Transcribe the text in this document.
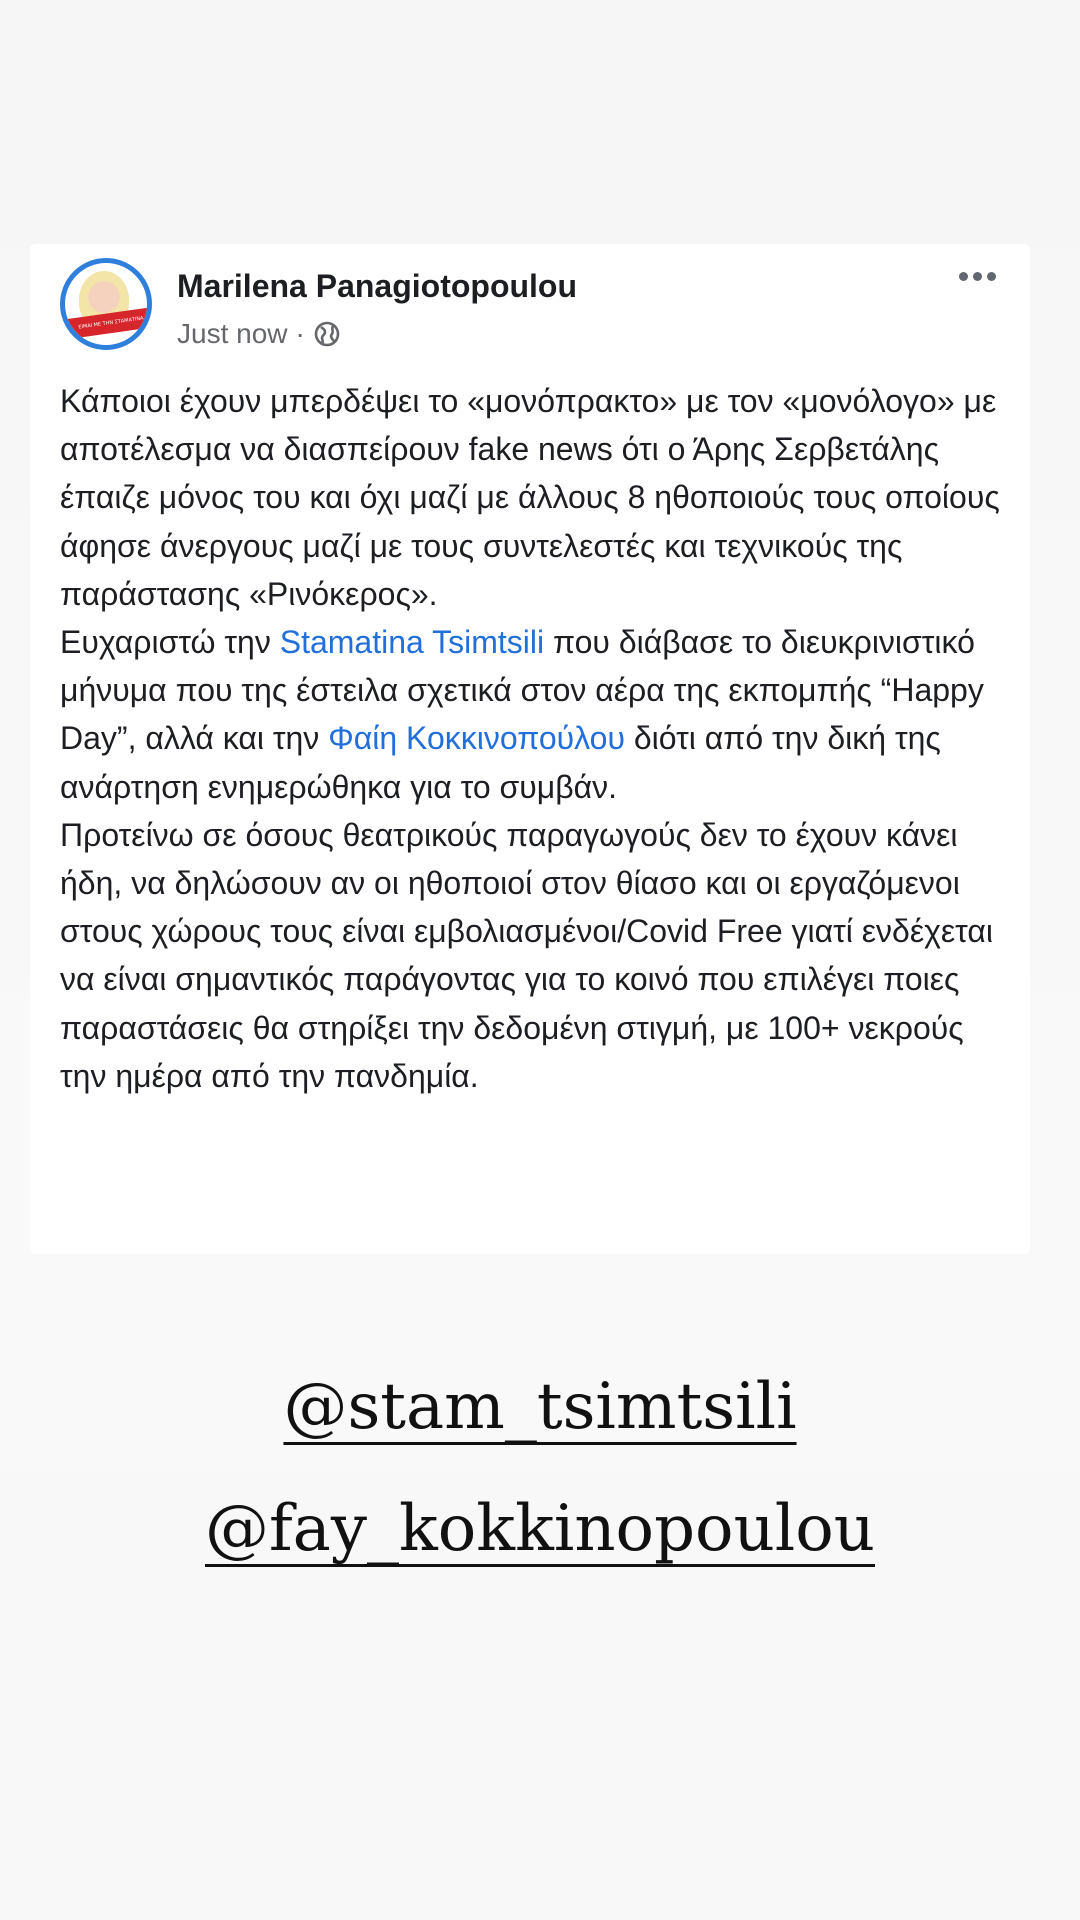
ΕΙΜΑΙ ΜΕ ΤΗΝ ΣΤΑΜΑΤΙΝΑ
Marilena Panagiotopoulou
Just now ·

Κάποιοι έχουν μπερδέψει το «μονόπρακτο» με τον «μονόλογο» με αποτέλεσμα να διασπείρουν fake news ότι ο Άρης Σερβετάλης έπαιζε μόνος του και όχι μαζί με άλλους 8 ηθοποιούς τους οποίους άφησε άνεργους μαζί με τους συντελεστές και τεχνικούς της παράστασης «Ρινόκερος».

Ευχαριστώ την Stamatina Tsimtsili που διάβασε το διευκρινιστικό μήνυμα που της έστειλα σχετικά στον αέρα της εκπομπής “Happy Day”, αλλά και την Φαίη Κοκκινοπούλου διότι από την δική της ανάρτηση ενημερώθηκα για το συμβάν.

Προτείνω σε όσους θεατρικούς παραγωγούς δεν το έχουν κάνει ήδη, να δηλώσουν αν οι ηθοποιοί στον θίασο και οι εργαζόμενοι στους χώρους τους είναι εμβολιασμένοι/Covid Free γιατί ενδέχεται να είναι σημαντικός παράγοντας για το κοινό που επιλέγει ποιες παραστάσεις θα στηρίξει την δεδομένη στιγμή, με 100+ νεκρούς την ημέρα από την πανδημία.

@stam_tsimtsili
@fay_kokkinopoulou
